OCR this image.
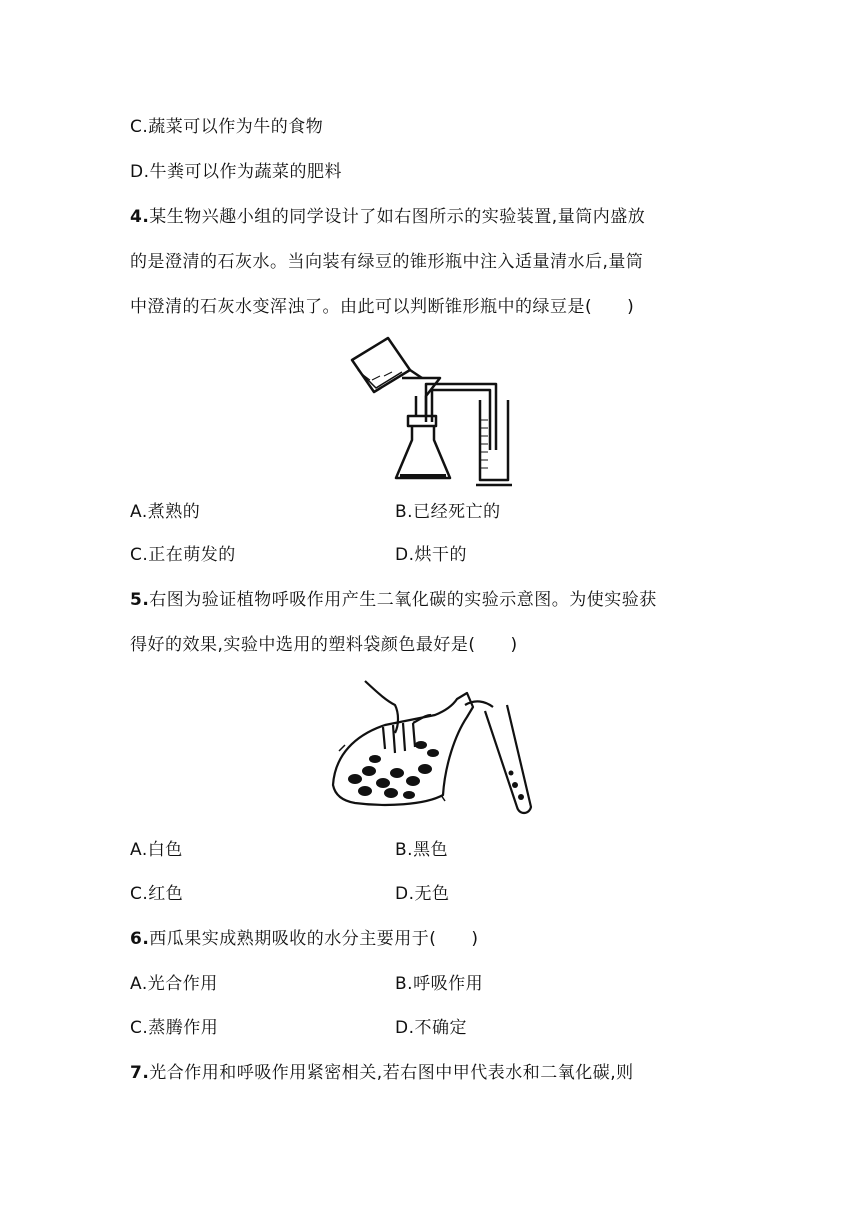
C.蔬菜可以作为牛的食物
D.牛粪可以作为蔬菜的肥料
4.某生物兴趣小组的同学设计了如右图所示的实验装置,量筒内盛放
的是澄清的石灰水。当向装有绿豆的锥形瓶中注入适量清水后,量筒
中澄清的石灰水变浑浊了。由此可以判断锥形瓶中的绿豆是(　　)
A.煮熟的	B.已经死亡的
C.正在萌发的	D.烘干的
5.右图为验证植物呼吸作用产生二氧化碳的实验示意图。为使实验获
得好的效果,实验中选用的塑料袋颜色最好是(　　)
A.白色	B.黑色
C.红色	D.无色
6.西瓜果实成熟期吸收的水分主要用于(　　)
A.光合作用	B.呼吸作用
C.蒸腾作用	D.不确定
7.光合作用和呼吸作用紧密相关,若右图中甲代表水和二氧化碳,则
